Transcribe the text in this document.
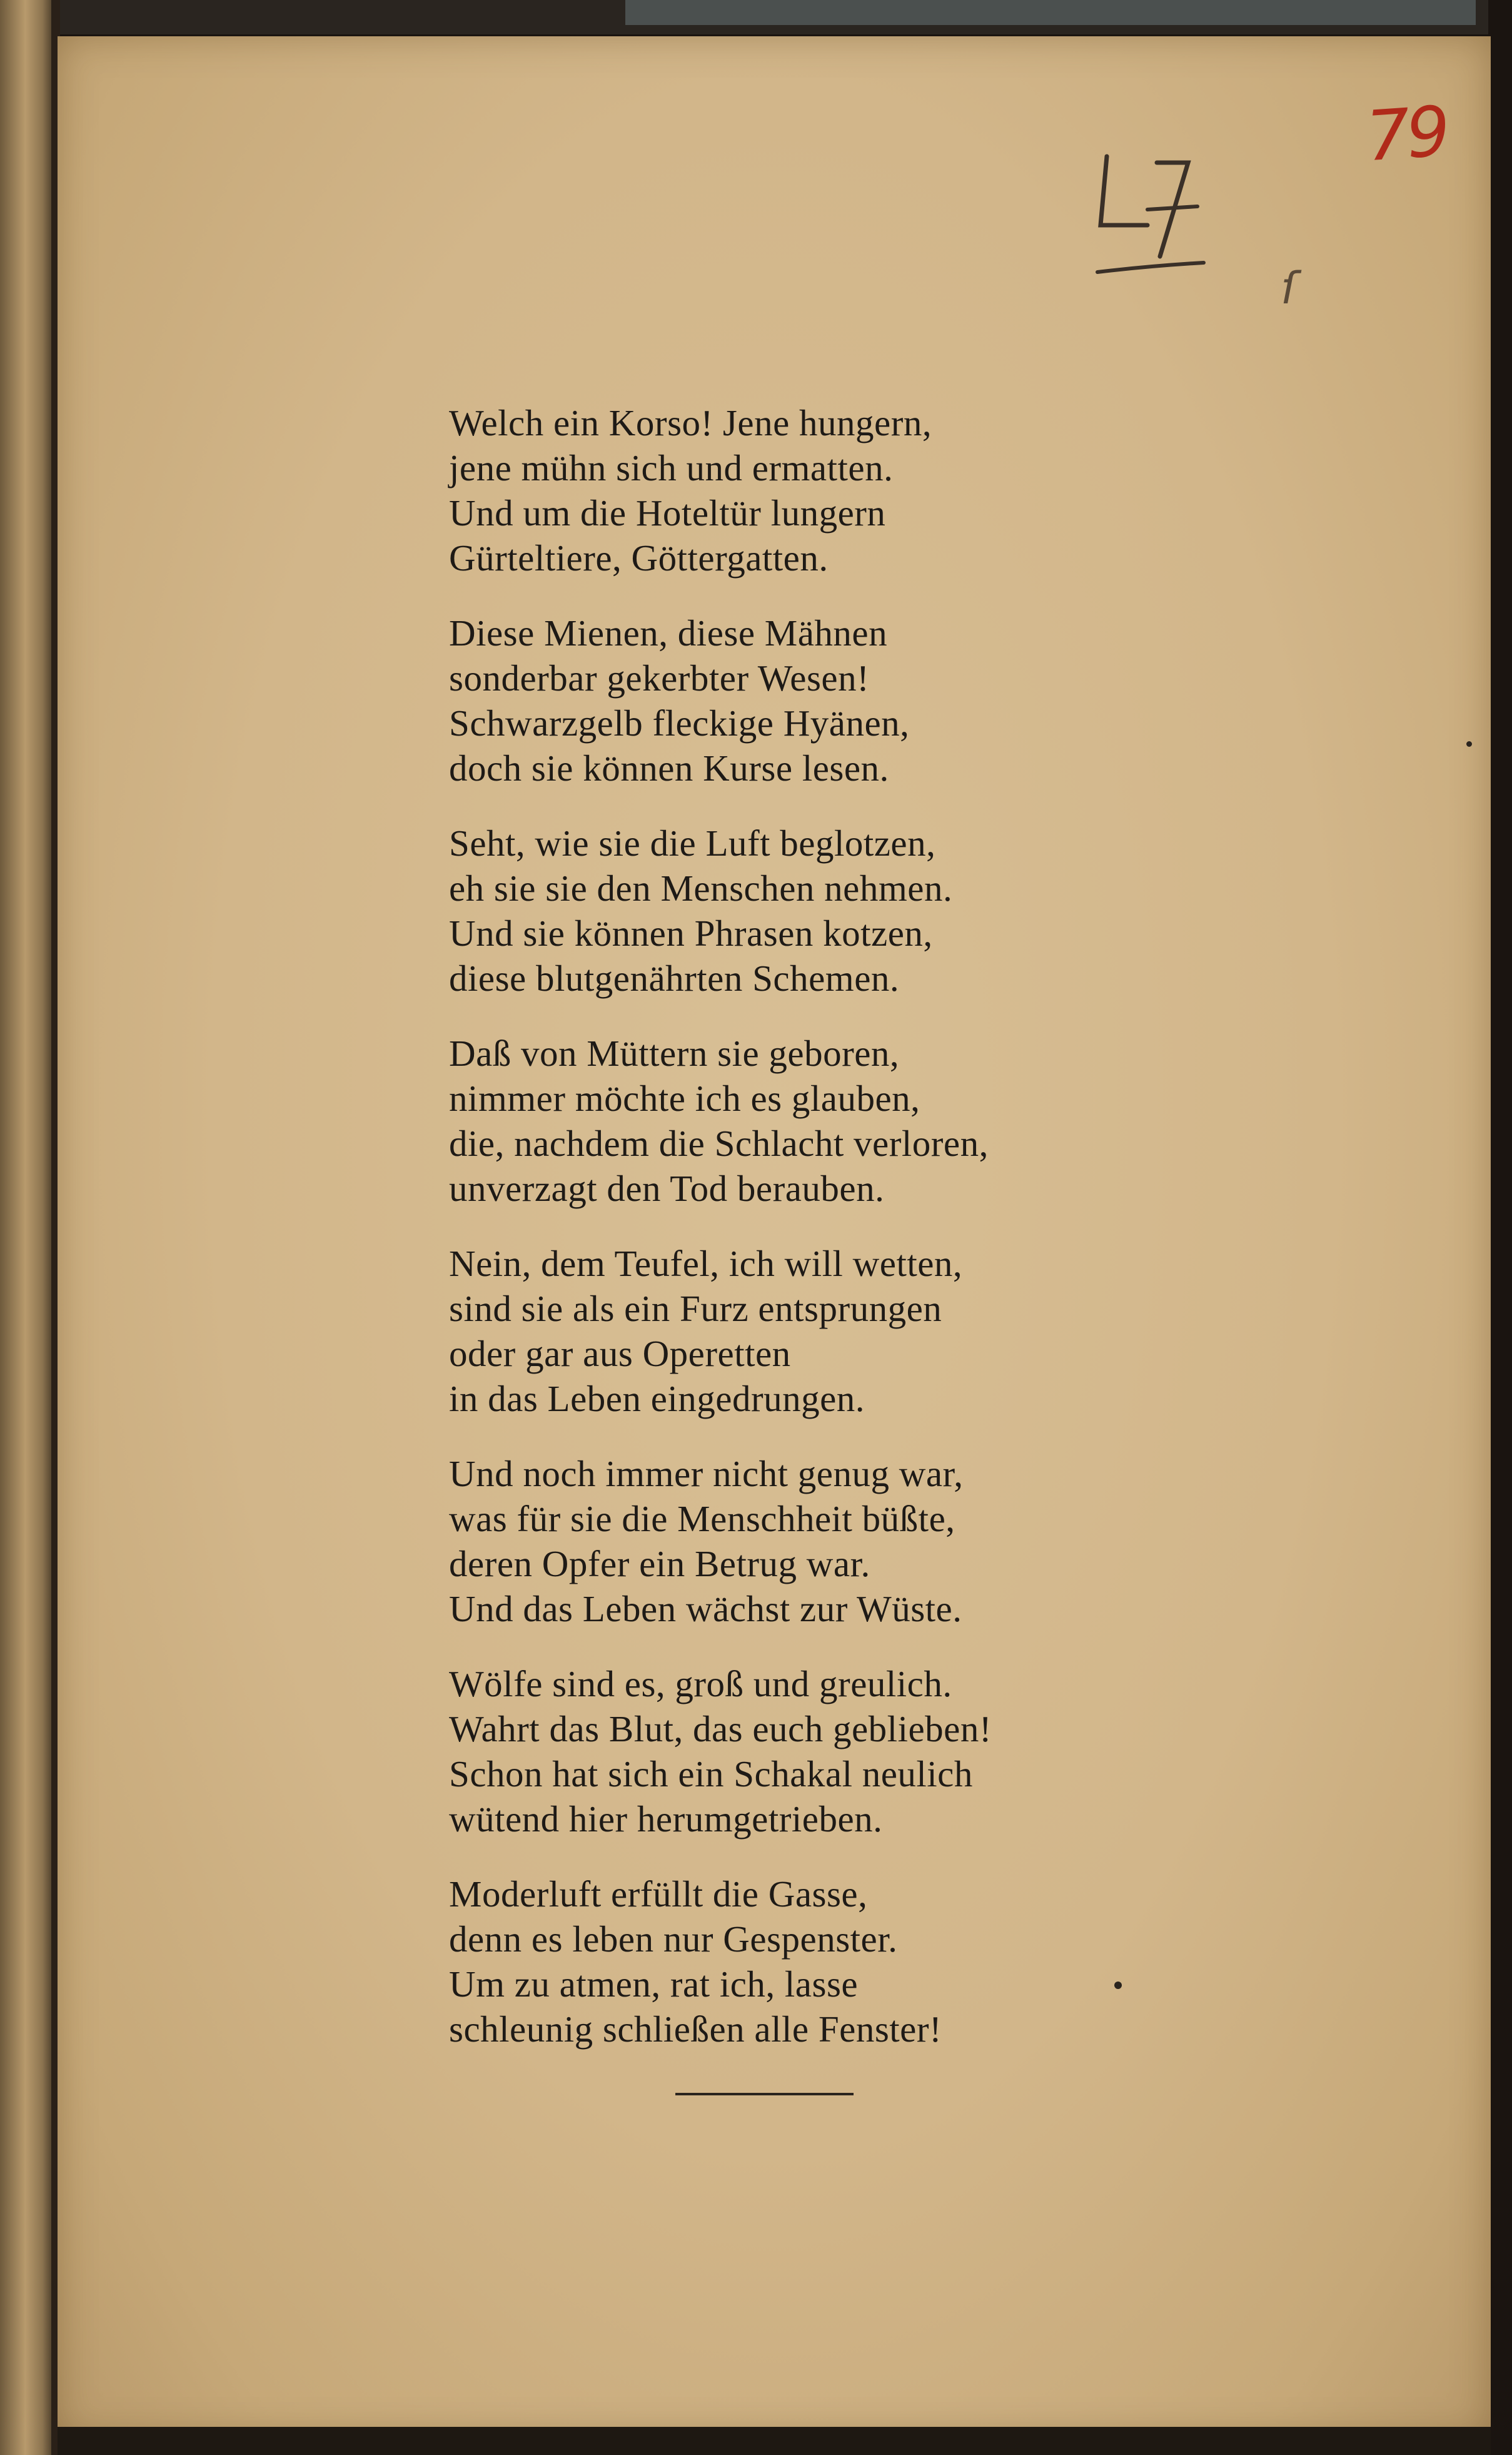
79
ſ
Welch ein Korso! Jene hungern,
jene mühn sich und ermatten.
Und um die Hoteltür lungern
Gürteltiere, Göttergatten.
Diese Mienen, diese Mähnen
sonderbar gekerbter Wesen!
Schwarzgelb fleckige Hyänen,
doch sie können Kurse lesen.
Seht, wie sie die Luft beglotzen,
eh sie sie den Menschen nehmen.
Und sie können Phrasen kotzen,
diese blutgenährten Schemen.
Daß von Müttern sie geboren,
nimmer möchte ich es glauben,
die, nachdem die Schlacht verloren,
unverzagt den Tod berauben.
Nein, dem Teufel, ich will wetten,
sind sie als ein Furz entsprungen
oder gar aus Operetten
in das Leben eingedrungen.
Und noch immer nicht genug war,
was für sie die Menschheit büßte,
deren Opfer ein Betrug war.
Und das Leben wächst zur Wüste.
Wölfe sind es, groß und greulich.
Wahrt das Blut, das euch geblieben!
Schon hat sich ein Schakal neulich
wütend hier herumgetrieben.
Moderluft erfüllt die Gasse,
denn es leben nur Gespenster.
Um zu atmen, rat ich, lasse
schleunig schließen alle Fenster!
